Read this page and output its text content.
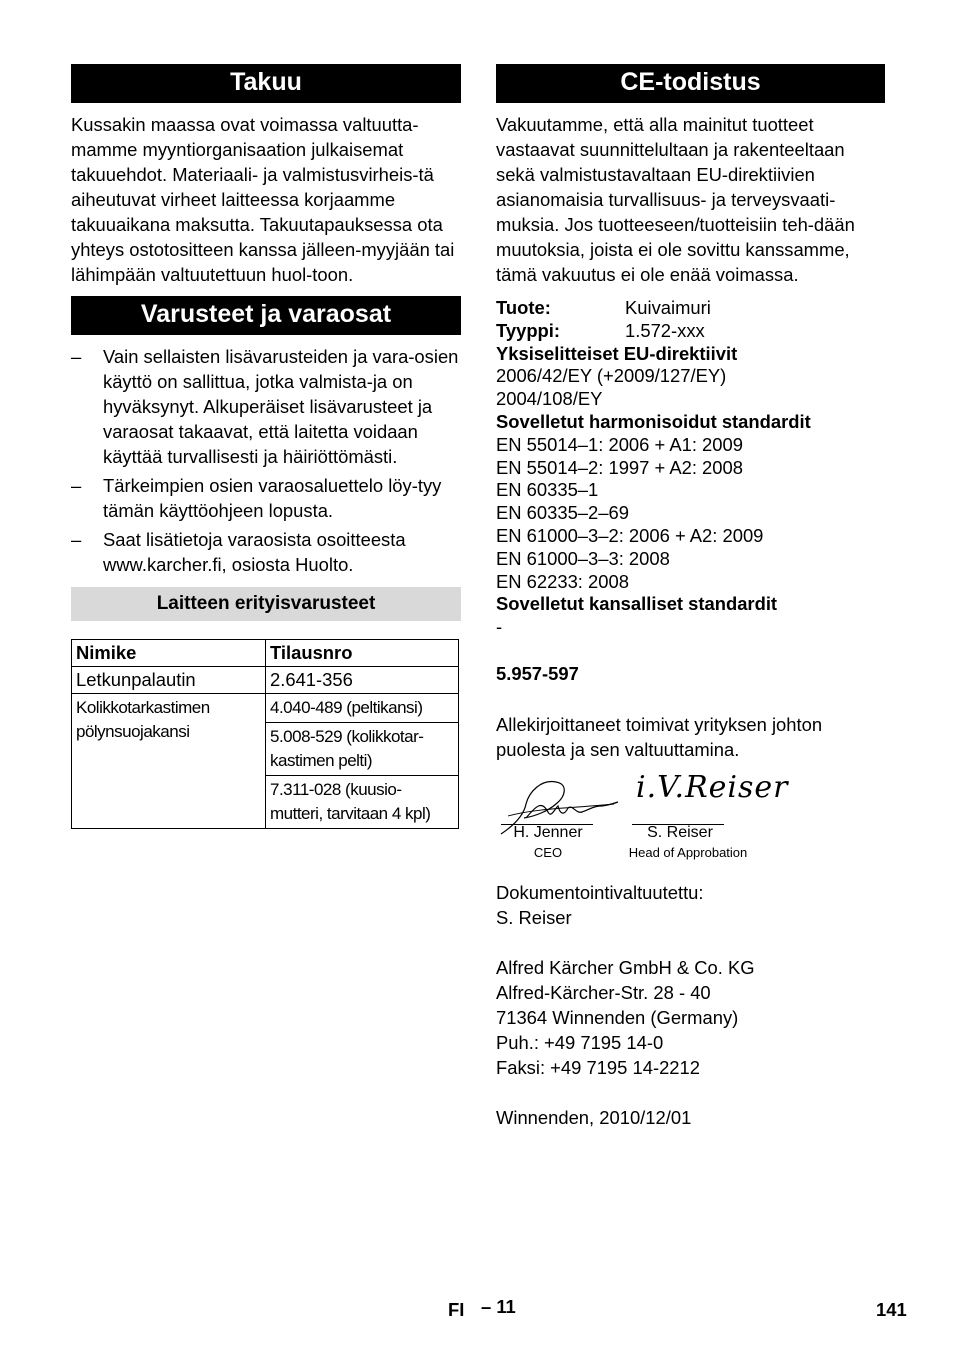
Takuu

Kussakin maassa ovat voimassa valtuutta-mamme myyntiorganisaation julkaisemat takuuehdot. Materiaali- ja valmistusvirheis-tä aiheutuvat virheet laitteessa korjaamme takuuaikana maksutta. Takuutapauksessa ota yhteys ostotositteen kanssa jälleen-myyjään tai lähimpään valtuutettuun huol-toon.

Varusteet ja varaosat
– Vain sellaisten lisävarusteiden ja vara-osien käyttö on sallittua, jotka valmista-ja on hyväksynyt. Alkuperäiset lisävarusteet ja varaosat takaavat, että laitetta voidaan käyttää turvallisesti ja häiriöttömästi.
– Tärkeimpien osien varaosaluettelo löy-tyy tämän käyttöohjeen lopusta.
– Saat lisätietoja varaosista osoitteesta www.karcher.fi, osiosta Huolto.
Laitteen erityisvarusteet
Nimike	Tilausnro
Letkunpalautin	2.641-356
Kolikkotarkastimen pölynsuojakansi	4.040-489 (peltikansi)
	5.008-529 (kolikkotar-kastimen pelti)
	7.311-028 (kuusio-mutteri, tarvitaan 4 kpl)
CE-todistus

Vakuutamme, että alla mainitut tuotteet vastaavat suunnittelultaan ja rakenteeltaan sekä valmistustavaltaan EU-direktiivien asianomaisia turvallisuus- ja terveysvaati-muksia. Jos tuotteeseen/tuotteisiin teh-dään muutoksia, joista ei ole sovittu kanssamme, tämä vakuutus ei ole enää voimassa.

Tuote:	Kuivaimuri
Tyyppi:	1.572-xxx
Yksiselitteiset EU-direktiivit
2006/42/EY (+2009/127/EY)
2004/108/EY
Sovelletut harmonisoidut standardit
EN 55014–1: 2006 + A1: 2009
EN 55014–2: 1997 + A2: 2008
EN 60335–1
EN 60335–2–69
EN 61000–3–2: 2006 + A2: 2009
EN 61000–3–3: 2008
EN 62233: 2008
Sovelletut kansalliset standardit
-
5.957-597

Allekirjoittaneet toimivat yrityksen johton puolesta ja sen valtuuttamina.

i.V.Reiser
H. Jenner
CEO
S. Reiser
Head of Approbation
Dokumentointivaltuutettu:
S. Reiser
Alfred Kärcher GmbH & Co. KG
Alfred-Kärcher-Str. 28 - 40
71364 Winnenden (Germany)
Puh.: +49 7195 14-0
Faksi: +49 7195 14-2212
Winnenden, 2010/12/01
FI – 11	141
